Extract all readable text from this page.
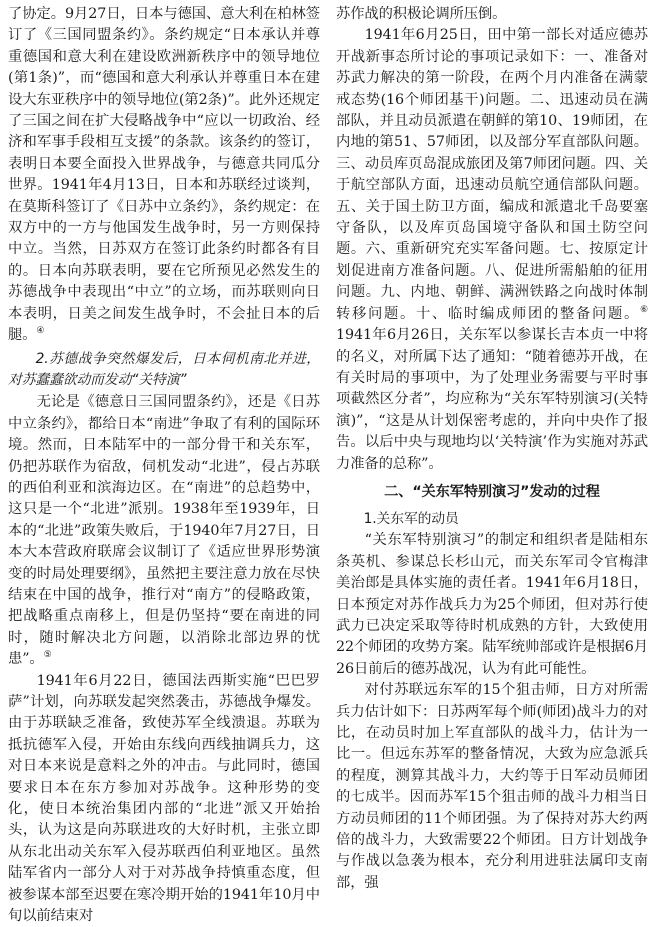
了协定。9月27日，日本与德国、意大利在柏林签订了《三国同盟条约》。条约规定“日本承认并尊重德国和意大利在建设欧洲新秩序中的领导地位(第1条)”，而“德国和意大利承认并尊重日本在建设大东亚秩序中的领导地位(第2条)”。此外还规定了三国之间在扩大侵略战争中“应以一切政治、经济和军事手段相互支援”的条款。该条约的签订，表明日本要全面投入世界战争，与德意共同瓜分世界。1941年4月13日，日本和苏联经过谈判，在莫斯科签订了《日苏中立条约》，条约规定：在双方中的一方与他国发生战争时，另一方则保持中立。当然，日苏双方在签订此条约时都各有目的。日本向苏联表明，要在它所预见必然发生的苏德战争中表现出“中立”的立场，而苏联则向日本表明，日美之间发生战争时，不会扯日本的后腿。④

2.苏德战争突然爆发后，日本伺机南北并进，对苏蠢蠢欲动而发动“关特演”

无论是《德意日三国同盟条约》，还是《日苏中立条约》，都给日本“南进”争取了有利的国际环境。然而，日本陆军中的一部分骨干和关东军，仍把苏联作为宿敌，伺机发动“北进”，侵占苏联的西伯利亚和滨海边区。在“南进”的总趋势中，这只是一个“北进”派别。1938年至1939年，日本的“北进”政策失败后，于1940年7月27日，日本大本营政府联席会议制订了《适应世界形势演变的时局处理要纲》，虽然把主要注意力放在尽快结束在中国的战争，推行对“南方”的侵略政策，把战略重点南移上，但是仍坚持“要在南进的同时，随时解决北方问题，以消除北部边界的忧患”。⑤

1941年6月22日，德国法西斯实施“巴巴罗萨”计划，向苏联发起突然袭击，苏德战争爆发。由于苏联缺乏准备，致使苏军全线溃退。苏联为抵抗德军入侵，开始由东线向西线抽调兵力，这对日本来说是意料之外的冲击。与此同时，德国要求日本在东方参加对苏战争。这种形势的变化，使日本统治集团内部的“北进”派又开始抬头，认为这是向苏联进攻的大好时机，主张立即从东北出动关东军入侵苏联西伯利亚地区。虽然陆军省内一部分人对于对苏战争持慎重态度，但被参谋本部至迟要在寒冷期开始的1941年10月中旬以前结束对

苏作战的积极论调所压倒。

1941年6月25日，田中第一部长对适应德苏开战新事态所讨论的事项记录如下：一、准备对苏武力解决的第一阶段，在两个月内准备在满蒙戒态势(16个师团基干)问题。二、迅速动员在满部队，并且动员派遣在朝鲜的第10、19师团，在内地的第51、57师团，以及部分军直部队问题。三、动员库页岛混成旅团及第7师团问题。四、关于航空部队方面，迅速动员航空通信部队问题。五、关于国土防卫方面，编成和派遣北千岛要塞守备队，以及库页岛国境守备队和国土防空问题。六、重新研究充实军备问题。七、按原定计划促进南方准备问题。八、促进所需船舶的征用问题。九、内地、朝鲜、满洲铁路之向战时体制转移问题。十、临时编成师团的整备问题。⑥　1941年6月26日，关东军以参谋长吉本贞一中将的名义，对所属下达了通知：“随着德苏开战，在有关时局的事项中，为了处理业务需要与平时事项截然区分者”，均应称为“关东军特别演习(关特演)”，“这是从计划保密考虑的，并向中央作了报告。以后中央与现地均以‘关特演’作为实施对苏武力准备的总称”。

二、“关东军特别演习”发动的过程
1.关东军的动员

“关东军特别演习”的制定和组织者是陆相东条英机、参谋总长杉山元，而关东军司令官梅津美治郎是具体实施的责任者。1941年6月18日，日本预定对苏作战兵力为25个师团，但对苏行使武力已决定采取等待时机成熟的方针，大致使用22个师团的攻势方案。陆军统帅部或许是根据6月26日前后的德苏战况，认为有此可能性。

对付苏联远东军的15个狙击师，日方对所需兵力估计如下：日苏两军每个师(师团)战斗力的对比，在动员时加上军直部队的战斗力，估计为一比一。但远东苏军的整备情况，大致为应急派兵的程度，测算其战斗力，大约等于日军动员师团的七成半。因而苏军15个狙击师的战斗力相当日方动员师团的11个师团强。为了保持对苏大约两倍的战斗力，大致需要22个师团。日方计划战争与作战以急袭为根本，充分利用进驻法属印支南部，强
